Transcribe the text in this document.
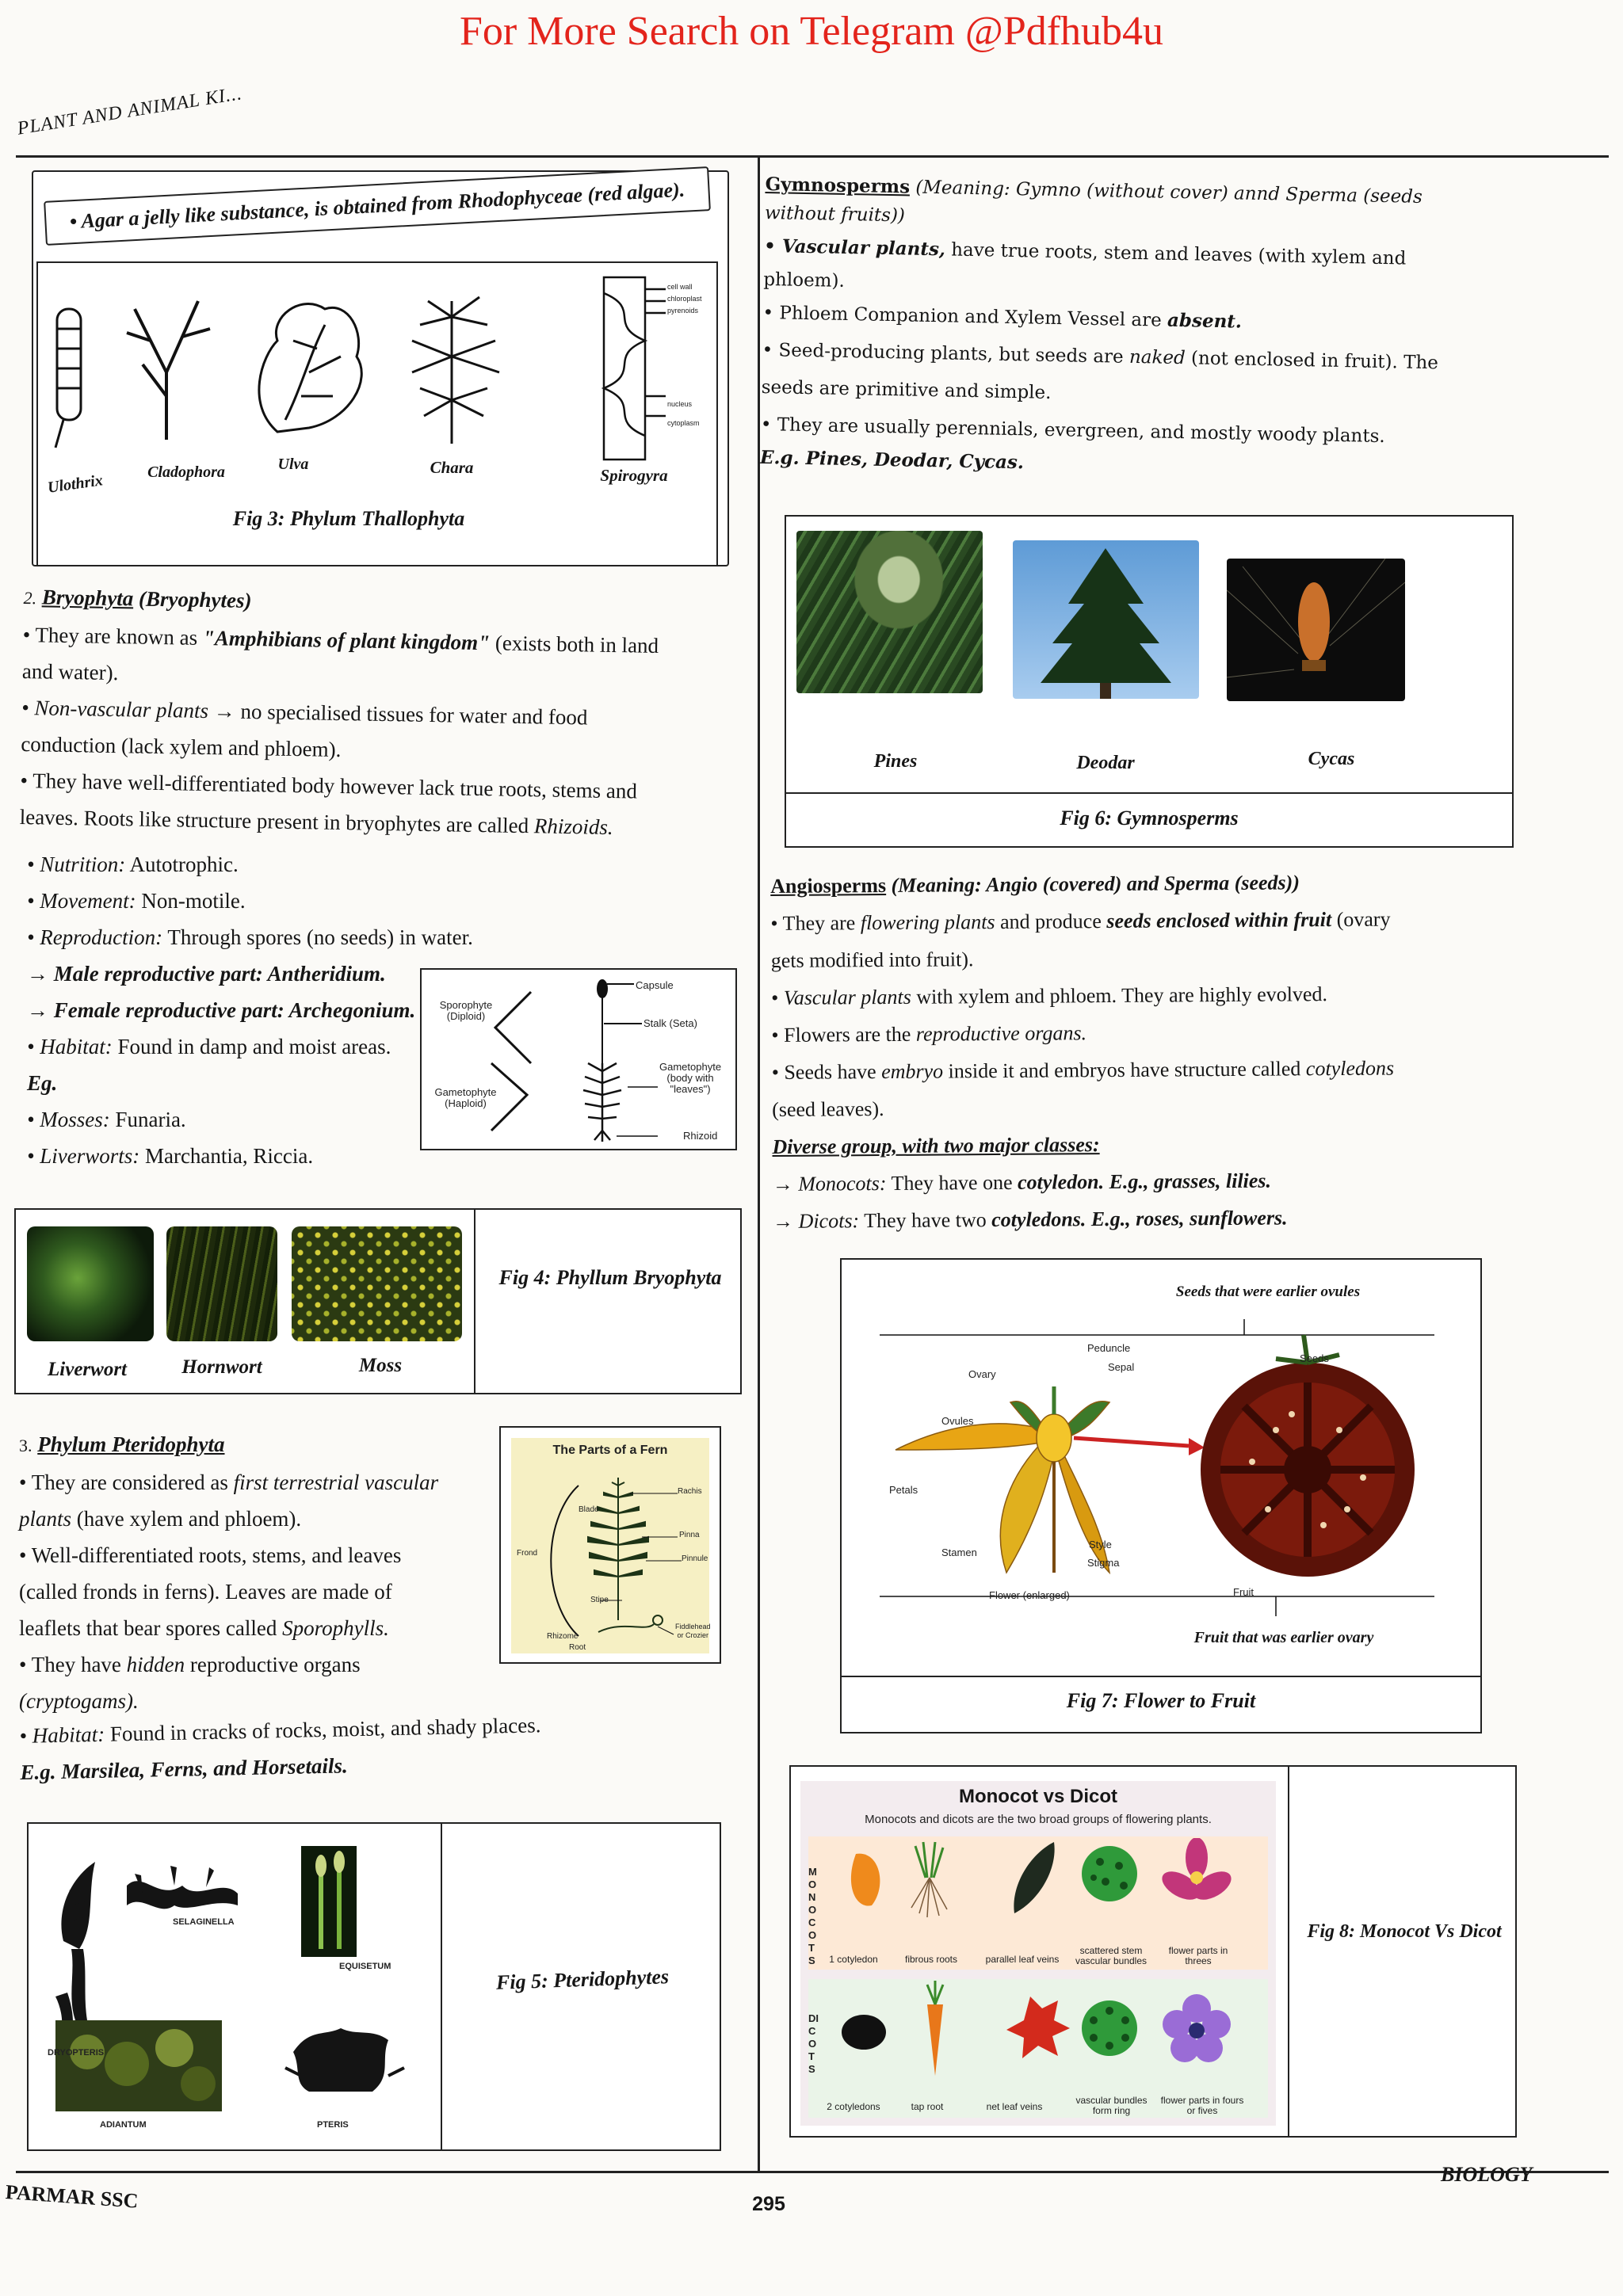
For More Search on Telegram @Pdfhub4u
PLANT AND ANIMAL KI...
• Agar a jelly like substance, is obtained from Rhodophyceae (red algae).
cell wall
chloroplast
pyrenoids
nucleus
cytoplasm
Ulothrix	Cladophora	Ulva	Chara	Spirogyra
Fig 3: Phylum Thallophyta

2. Bryophyta (Bryophytes)

• They are known as "Amphibians of plant kingdom" (exists both in land

and water).

• Non-vascular plants → no specialised tissues for water and food

conduction (lack xylem and phloem).

• They have well-differentiated body however lack true roots, stems and

leaves. Roots like structure present in bryophytes are called Rhizoids.

• Nutrition: Autotrophic.

• Movement: Non-motile.

• Reproduction: Through spores (no seeds) in water.

→ Male reproductive part: Antheridium.

→ Female reproductive part: Archegonium.

• Habitat: Found in damp and moist areas.

Eg.

• Mosses: Funaria.

• Liverworts: Marchantia, Riccia.

Sporophyte
(Diploid)
Gametophyte
(Haploid)
Capsule
Stalk (Seta)
Gametophyte
(body with
"leaves")
Rhizoid
Liverwort	Hornwort	Moss
Fig 4: Phyllum Bryophyta

3. Phylum Pteridophyta

• They are considered as first terrestrial vascular

plants (have xylem and phloem).

• Well-differentiated roots, stems, and leaves

(called fronds in ferns). Leaves are made of

leaflets that bear spores called Sporophylls.

• They have hidden reproductive organs

(cryptogams).

• Habitat: Found in cracks of rocks, moist, and shady places.

E.g. Marsilea, Ferns, and Horsetails.

The Parts of a Fern
Rachis
Blade
Pinna
Frond
Pinnule
Stipe
Fiddlehead
or Crozier
Rhizome
Root
SELAGINELLA
DRYOPTERIS
EQUISETUM
ADIANTUM	PTERIS
Fig 5: Pteridophytes

Gymnosperms (Meaning: Gymno (without cover) annd Sperma (seeds

without fruits))

• Vascular plants, have true roots, stem and leaves (with xylem and

phloem).

• Phloem Companion and Xylem Vessel are absent.

• Seed-producing plants, but seeds are naked (not enclosed in fruit). The

seeds are primitive and simple.

• They are usually perennials, evergreen, and mostly woody plants.

E.g. Pines, Deodar, Cycas.

Pines	Deodar	Cycas
Fig 6: Gymnosperms

Angiosperms (Meaning: Angio (covered) and Sperma (seeds))

• They are flowering plants and produce seeds enclosed within fruit (ovary

gets modified into fruit).

• Vascular plants with xylem and phloem. They are highly evolved.

• Flowers are the reproductive organs.

• Seeds have embryo inside it and embryos have structure called cotyledons

(seed leaves).

Diverse group, with two major classes:

→ Monocots: They have one cotyledon. E.g., grasses, lilies.

→ Dicots: They have two cotyledons. E.g., roses, sunflowers.

Seeds that were earlier ovules
Peduncle
Sepal
Ovary
Ovules
Seeds
Petals
Stamen
Style
Stigma
Flower (enlarged)	Fruit
Fruit that was earlier ovary
Fig 7: Flower to Fruit
Monocot vs Dicot
Monocots and dicots are the two broad groups of flowering plants.
MONOCOTS
DICOTS
1 cotyledon	fibrous roots	parallel leaf veins
scattered stem vascular bundles
flower parts in threes
2 cotyledons	tap root	net leaf veins
vascular bundles form ring
flower parts in fours or fives
Fig 8: Monocot Vs Dicot
PARMAR SSC	295
BIOLOGY
